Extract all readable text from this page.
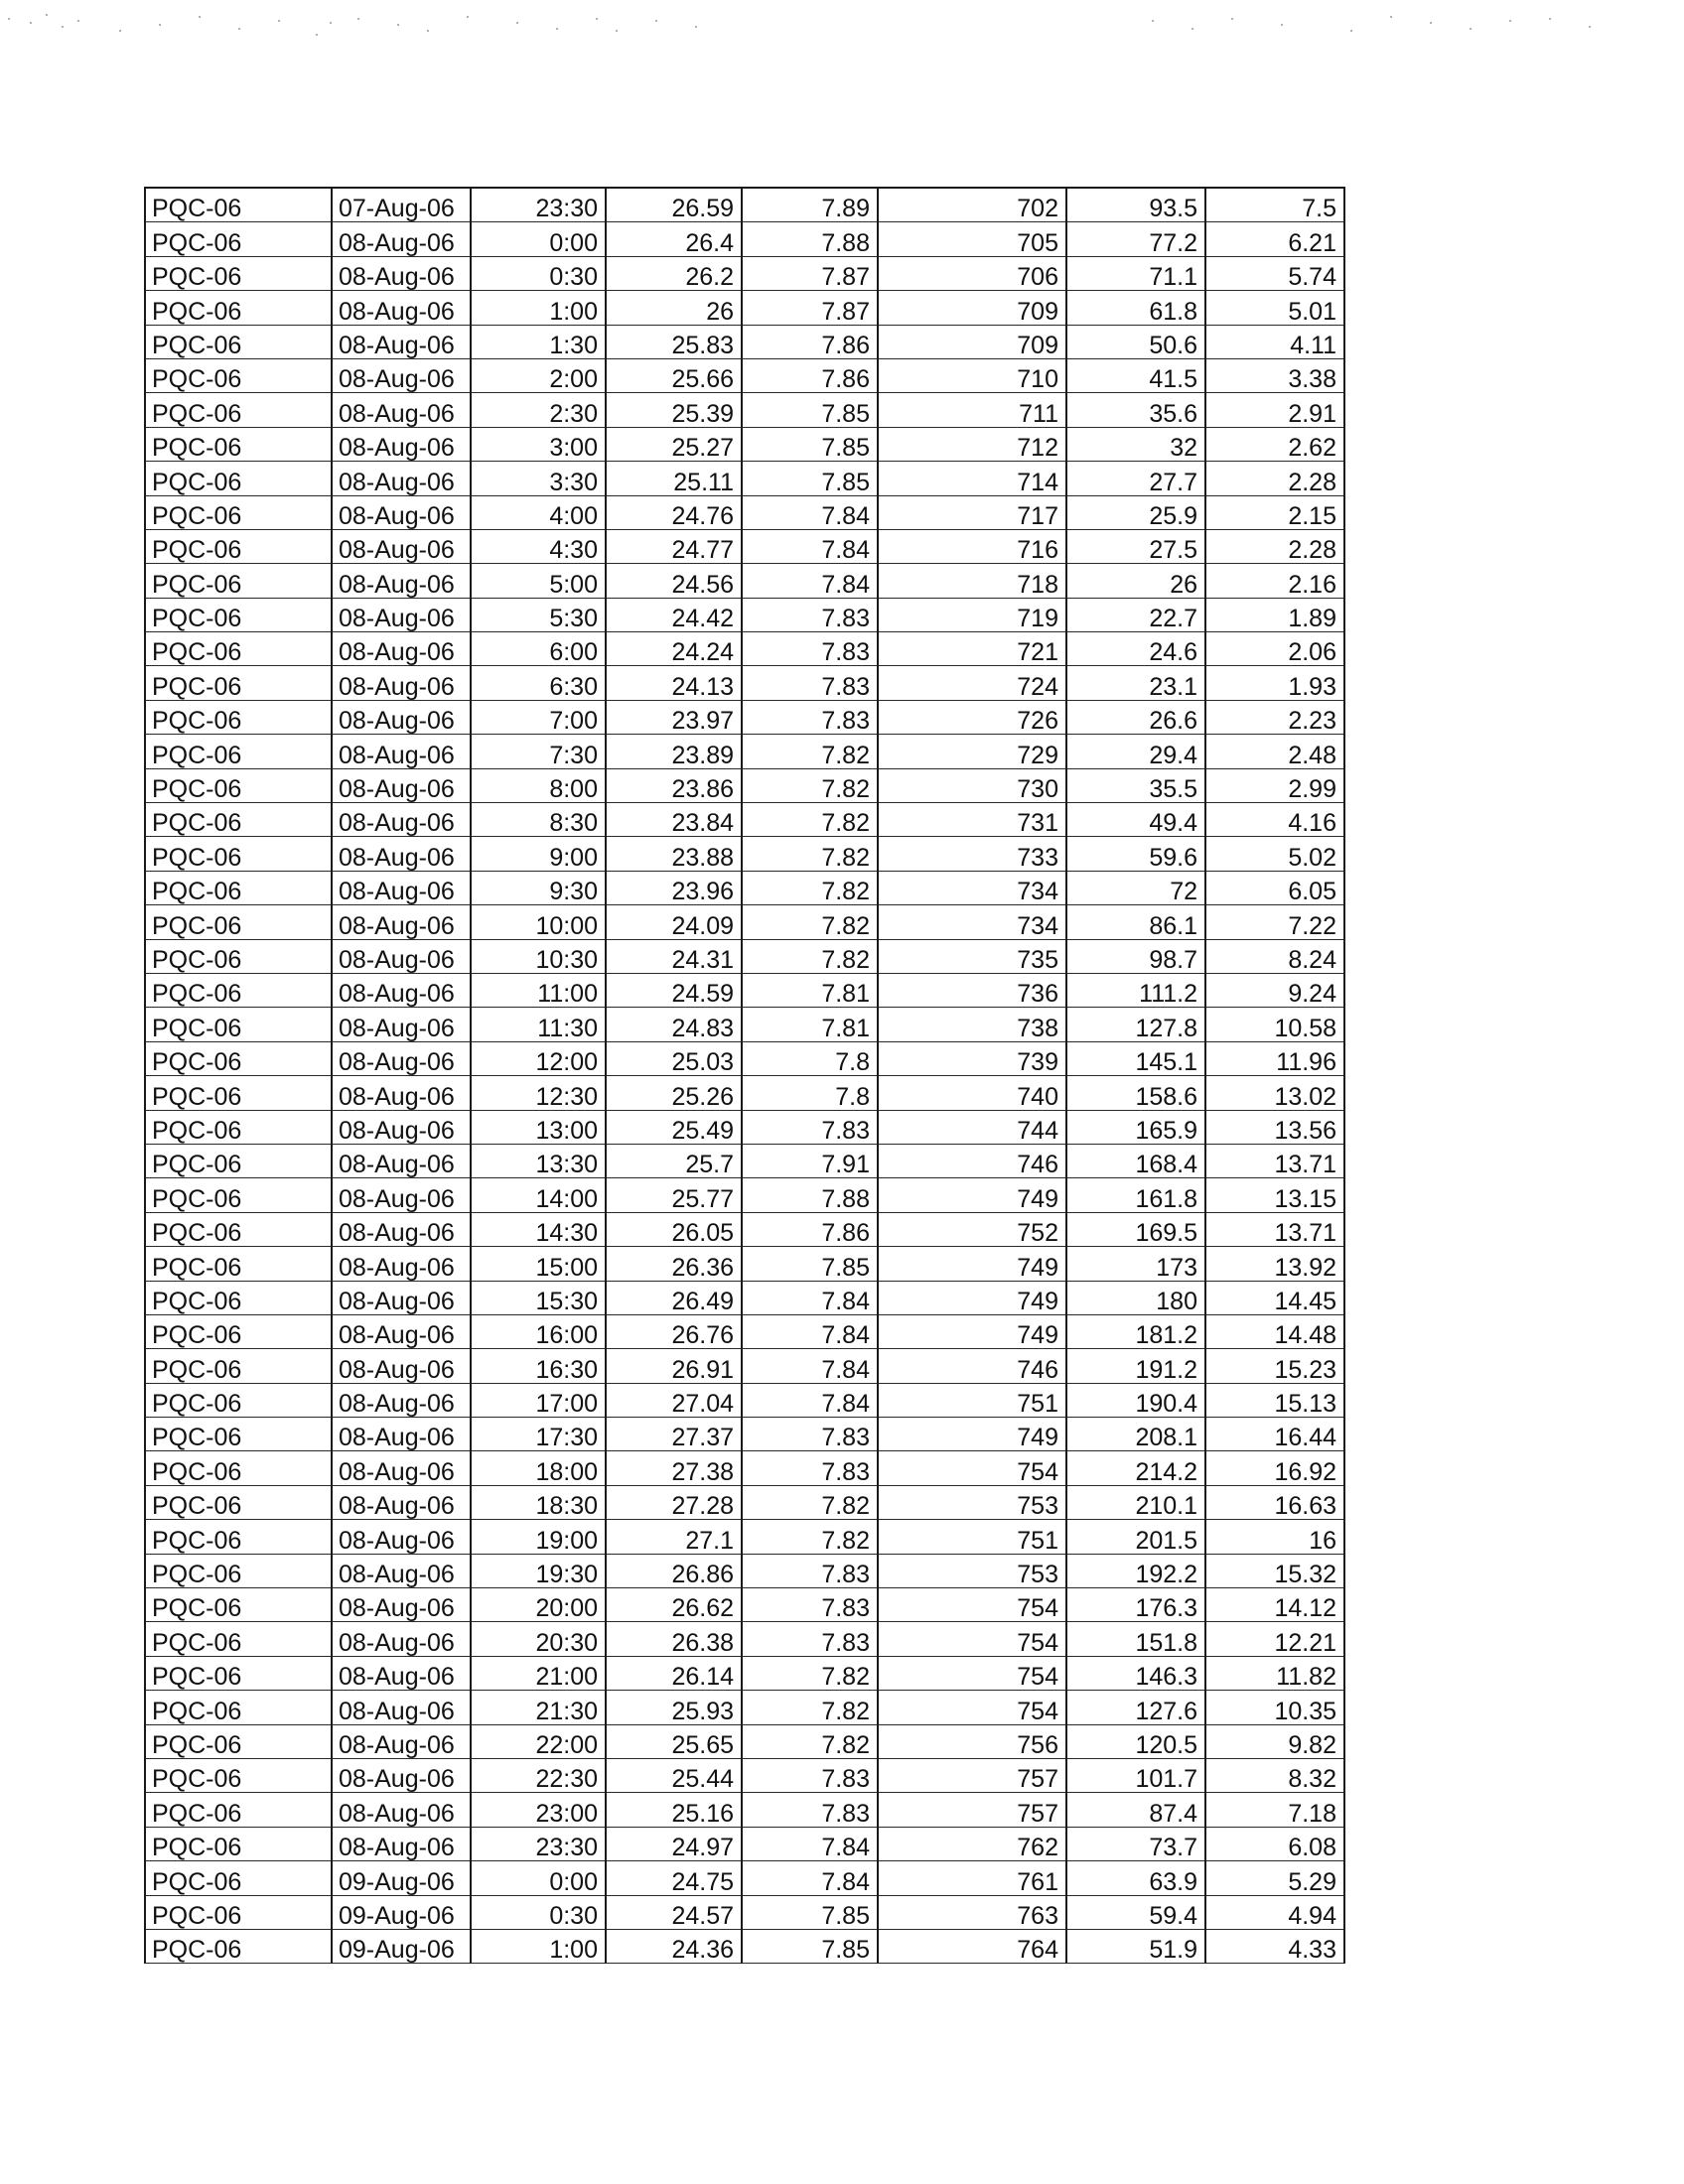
PQC-06	07-Aug-06	23:30	26.59	7.89	702	93.5	7.5
PQC-06	08-Aug-06	0:00	26.4	7.88	705	77.2	6.21
PQC-06	08-Aug-06	0:30	26.2	7.87	706	71.1	5.74
PQC-06	08-Aug-06	1:00	26	7.87	709	61.8	5.01
PQC-06	08-Aug-06	1:30	25.83	7.86	709	50.6	4.11
PQC-06	08-Aug-06	2:00	25.66	7.86	710	41.5	3.38
PQC-06	08-Aug-06	2:30	25.39	7.85	711	35.6	2.91
PQC-06	08-Aug-06	3:00	25.27	7.85	712	32	2.62
PQC-06	08-Aug-06	3:30	25.11	7.85	714	27.7	2.28
PQC-06	08-Aug-06	4:00	24.76	7.84	717	25.9	2.15
PQC-06	08-Aug-06	4:30	24.77	7.84	716	27.5	2.28
PQC-06	08-Aug-06	5:00	24.56	7.84	718	26	2.16
PQC-06	08-Aug-06	5:30	24.42	7.83	719	22.7	1.89
PQC-06	08-Aug-06	6:00	24.24	7.83	721	24.6	2.06
PQC-06	08-Aug-06	6:30	24.13	7.83	724	23.1	1.93
PQC-06	08-Aug-06	7:00	23.97	7.83	726	26.6	2.23
PQC-06	08-Aug-06	7:30	23.89	7.82	729	29.4	2.48
PQC-06	08-Aug-06	8:00	23.86	7.82	730	35.5	2.99
PQC-06	08-Aug-06	8:30	23.84	7.82	731	49.4	4.16
PQC-06	08-Aug-06	9:00	23.88	7.82	733	59.6	5.02
PQC-06	08-Aug-06	9:30	23.96	7.82	734	72	6.05
PQC-06	08-Aug-06	10:00	24.09	7.82	734	86.1	7.22
PQC-06	08-Aug-06	10:30	24.31	7.82	735	98.7	8.24
PQC-06	08-Aug-06	11:00	24.59	7.81	736	111.2	9.24
PQC-06	08-Aug-06	11:30	24.83	7.81	738	127.8	10.58
PQC-06	08-Aug-06	12:00	25.03	7.8	739	145.1	11.96
PQC-06	08-Aug-06	12:30	25.26	7.8	740	158.6	13.02
PQC-06	08-Aug-06	13:00	25.49	7.83	744	165.9	13.56
PQC-06	08-Aug-06	13:30	25.7	7.91	746	168.4	13.71
PQC-06	08-Aug-06	14:00	25.77	7.88	749	161.8	13.15
PQC-06	08-Aug-06	14:30	26.05	7.86	752	169.5	13.71
PQC-06	08-Aug-06	15:00	26.36	7.85	749	173	13.92
PQC-06	08-Aug-06	15:30	26.49	7.84	749	180	14.45
PQC-06	08-Aug-06	16:00	26.76	7.84	749	181.2	14.48
PQC-06	08-Aug-06	16:30	26.91	7.84	746	191.2	15.23
PQC-06	08-Aug-06	17:00	27.04	7.84	751	190.4	15.13
PQC-06	08-Aug-06	17:30	27.37	7.83	749	208.1	16.44
PQC-06	08-Aug-06	18:00	27.38	7.83	754	214.2	16.92
PQC-06	08-Aug-06	18:30	27.28	7.82	753	210.1	16.63
PQC-06	08-Aug-06	19:00	27.1	7.82	751	201.5	16
PQC-06	08-Aug-06	19:30	26.86	7.83	753	192.2	15.32
PQC-06	08-Aug-06	20:00	26.62	7.83	754	176.3	14.12
PQC-06	08-Aug-06	20:30	26.38	7.83	754	151.8	12.21
PQC-06	08-Aug-06	21:00	26.14	7.82	754	146.3	11.82
PQC-06	08-Aug-06	21:30	25.93	7.82	754	127.6	10.35
PQC-06	08-Aug-06	22:00	25.65	7.82	756	120.5	9.82
PQC-06	08-Aug-06	22:30	25.44	7.83	757	101.7	8.32
PQC-06	08-Aug-06	23:00	25.16	7.83	757	87.4	7.18
PQC-06	08-Aug-06	23:30	24.97	7.84	762	73.7	6.08
PQC-06	09-Aug-06	0:00	24.75	7.84	761	63.9	5.29
PQC-06	09-Aug-06	0:30	24.57	7.85	763	59.4	4.94
PQC-06	09-Aug-06	1:00	24.36	7.85	764	51.9	4.33
